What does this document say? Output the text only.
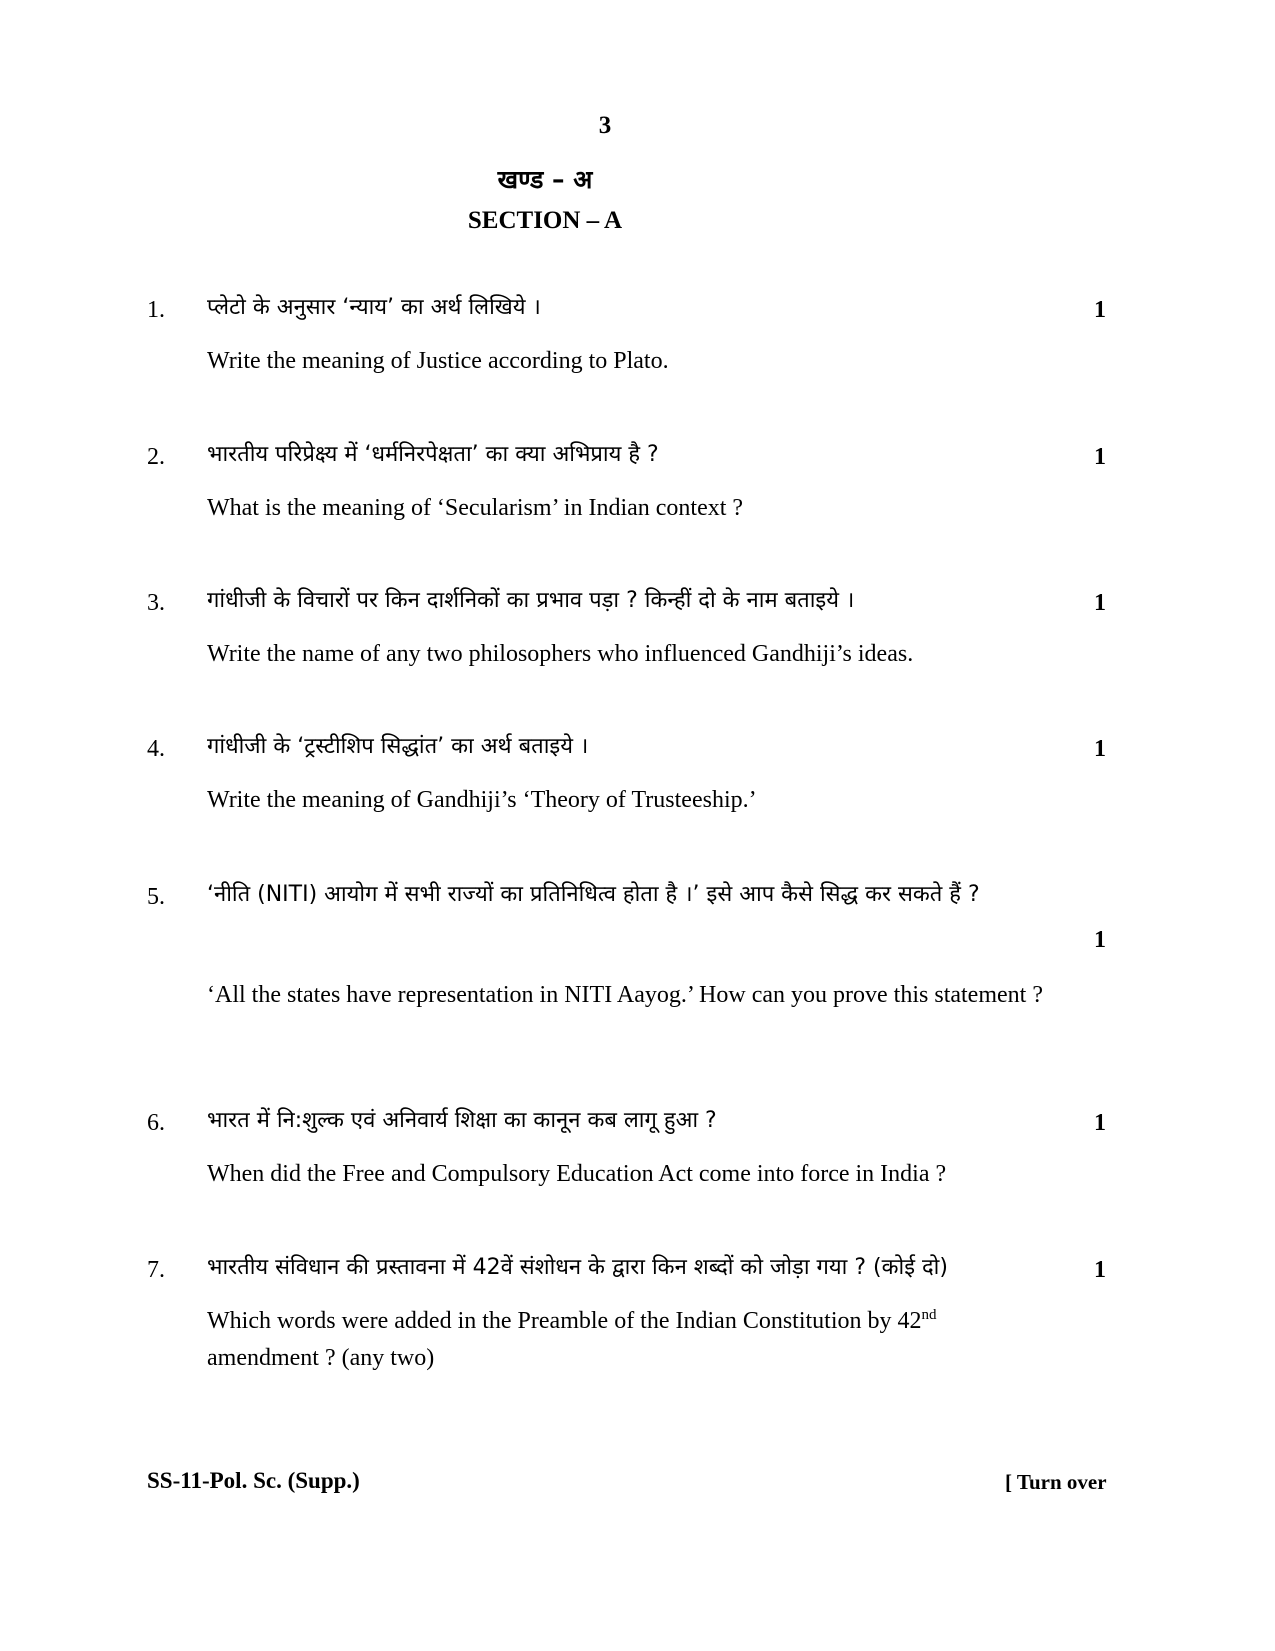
3
खण्ड – अ
SECTION – A
1. प्लेटो के अनुसार ‘न्याय’ का अर्थ लिखिये ।	1
Write the meaning of Justice according to Plato.
2. भारतीय परिप्रेक्ष्य में ‘धर्मनिरपेक्षता’ का क्या अभिप्राय है ?	1
What is the meaning of ‘Secularism’ in Indian context ?
3. गांधीजी के विचारों पर किन दार्शनिकों का प्रभाव पड़ा ? किन्हीं दो के नाम बताइये ।	1
Write the name of any two philosophers who influenced Gandhiji’s ideas.
4. गांधीजी के ‘ट्रस्टीशिप सिद्धांत’ का अर्थ बताइये ।	1
Write the meaning of Gandhiji’s ‘Theory of Trusteeship.’
5. ‘नीति (NITI) आयोग में सभी राज्यों का प्रतिनिधित्व होता है ।’ इसे आप कैसे सिद्ध कर सकते हैं ?
1
‘All the states have representation in NITI Aayog.’ How can you prove this statement ?
6. भारत में नि:शुल्क एवं अनिवार्य शिक्षा का कानून कब लागू हुआ ?	1
When did the Free and Compulsory Education Act come into force in India ?
7. भारतीय संविधान की प्रस्तावना में 42वें संशोधन के द्वारा किन शब्दों को जोड़ा गया ? (कोई दो)	1
Which words were added in the Preamble of the Indian Constitution by 42nd amendment ? (any two)
SS-11-Pol. Sc. (Supp.)	[ Turn over
